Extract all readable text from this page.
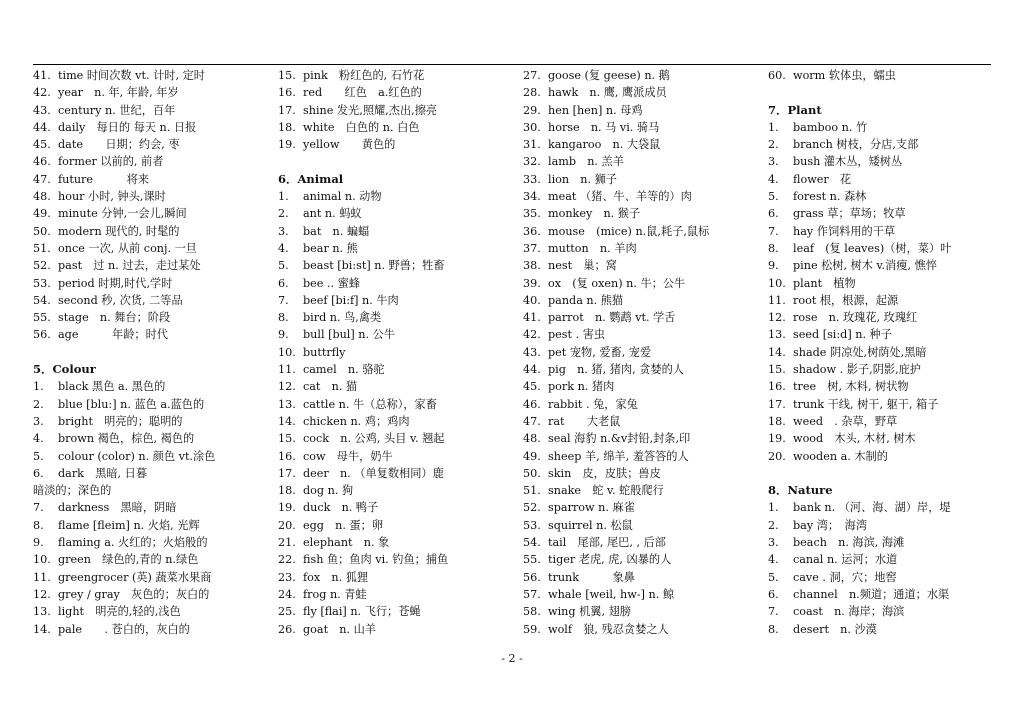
41. time 时间次数 vt. 计时, 定时
42. year　n. 年, 年龄, 年岁
43. century n. 世纪，百年
44. daily　每日的 每天 n. 日报
45. date　　日期；约会, 枣
46. former 以前的, 前者
47. future　　　将来
48. hour 小时, 钟头,课时
49. minute 分钟,一会儿,瞬间
50. modern 现代的, 时髦的
51. once 一次, 从前 conj. 一旦
52. past　过 n. 过去，走过某处
53. period 时期,时代,学时
54. second 秒, 次货, 二等品
55. stage　n. 舞台；阶段
56. age　　　年龄；时代
5．Colour
1. black 黑色 a. 黑色的
2. blue [blu:] n. 蓝色 a.蓝色的
3. bright　明亮的；聪明的
4. brown 褐色，棕色, 褐色的
5. colour (color) n. 颜色 vt.涂色
6. dark　黑暗, 日暮
暗淡的；深色的
7. darkness　黑暗，阴暗
8. flame [fleim] n. 火焰, 光辉
9. flaming a. 火红的；火焰般的
10. green　绿色的,青的 n.绿色
11. greengrocer (英) 蔬菜水果商
12. grey / gray　灰色的；灰白的
13. light　明亮的,轻的,浅色
14. pale　　. 苍白的，灰白的
15. pink　粉红色的, 石竹花
16. red　　红色　a.红色的
17. shine 发光,照耀,杰出,擦亮
18. white　白色的 n. 白色
19. yellow　　黄色的
6．Animal
1. animal n. 动物
2. ant n. 蚂蚁
3. bat　n. 蝙蝠
4. bear n. 熊
5. beast [bi:st] n. 野兽；牲畜
6. bee .. 蜜蜂
7. beef [bi:f] n. 牛肉
8. bird n. 鸟,禽类
9. bull [bul] n. 公牛
10. buttrfly
11. camel　n. 骆驼
12. cat　n. 猫
13. cattle n. 牛（总称），家畜
14. chicken n. 鸡；鸡肉
15. cock　n. 公鸡, 头目 v. 翘起
16. cow　母牛，奶牛
17. deer　n. （单复数相同）鹿
18. dog n. 狗
19. duck　n. 鸭子
20. egg　n. 蛋；卵
21. elephant　n. 象
22. fish 鱼；鱼肉 vi. 钓鱼；捕鱼
23. fox　n. 狐狸
24. frog n. 青蛙
25. fly [flai] n. 飞行；苍蝇
26. goat　n. 山羊
27. goose (复 geese) n. 鹅
28. hawk　n. 鹰, 鹰派成员
29. hen [hen] n. 母鸡
30. horse　n. 马 vi. 骑马
31. kangaroo　n. 大袋鼠
32. lamb　n. 羔羊
33. lion　n. 狮子
34. meat （猪、牛、羊等的）肉
35. monkey　n. 猴子
36. mouse　(mice) n.鼠,耗子,鼠标
37. mutton　n. 羊肉
38. nest　巢；窝
39. ox　(复 oxen) n. 牛；公牛
40. panda n. 熊猫
41. parrot　n. 鹦鹉 vt. 学舌
42. pest . 害虫
43. pet 宠物, 爱畜, 宠爱
44. pig　n. 猪, 猪肉, 贪婪的人
45. pork n. 猪肉
46. rabbit . 兔，家兔
47. rat　　大老鼠
48. seal 海豹 n.&v封铅,封条,印
49. sheep 羊, 绵羊, 羞答答的人
50. skin　皮，皮肤；兽皮
51. snake　蛇 v. 蛇般爬行
52. sparrow n. 麻雀
53. squirrel n. 松鼠
54. tail　尾部, 尾巴, , 后部
55. tiger 老虎, 虎, 凶暴的人
56. trunk　　　象鼻
57. whale [weil, hw-] n. 鲸
58. wing 机翼, 翅膀
59. wolf　狼, 残忍贪婪之人
60. worm 软体虫，蠕虫
7．Plant
1. bamboo n. 竹
2. branch 树枝，分店,支部
3. bush 灌木丛，矮树丛
4. flower　花
5. forest n. 森林
6. grass 草；草场；牧草
7. hay 作饲料用的干草
8. leaf　(复 leaves)（树，菜）叶
9. pine 松树, 树木 v.消瘦, 憔悴
10. plant　植物
11. root 根，根源，起源
12. rose　n. 玫瑰花, 玫瑰红
13. seed [si:d] n. 种子
14. shade 阴凉处,树荫处,黑暗
15. shadow . 影子,阴影,庇护
16. tree　树, 木料, 树状物
17. trunk 干线, 树干, 躯干, 箱子
18. weed　. 杂草，野草
19. wood　木头, 木材, 树木
20. wooden a. 木制的
8．Nature
1. bank n. （河、海、湖）岸，堤
2. bay 湾；　海湾
3. beach　n. 海滨, 海滩
4. canal n. 运河；水道
5. cave . 洞，穴；地窖
6. channel　n.频道；通道；水渠
7. coast　n. 海岸；海滨
8. desert　n. 沙漠
- 2 -
